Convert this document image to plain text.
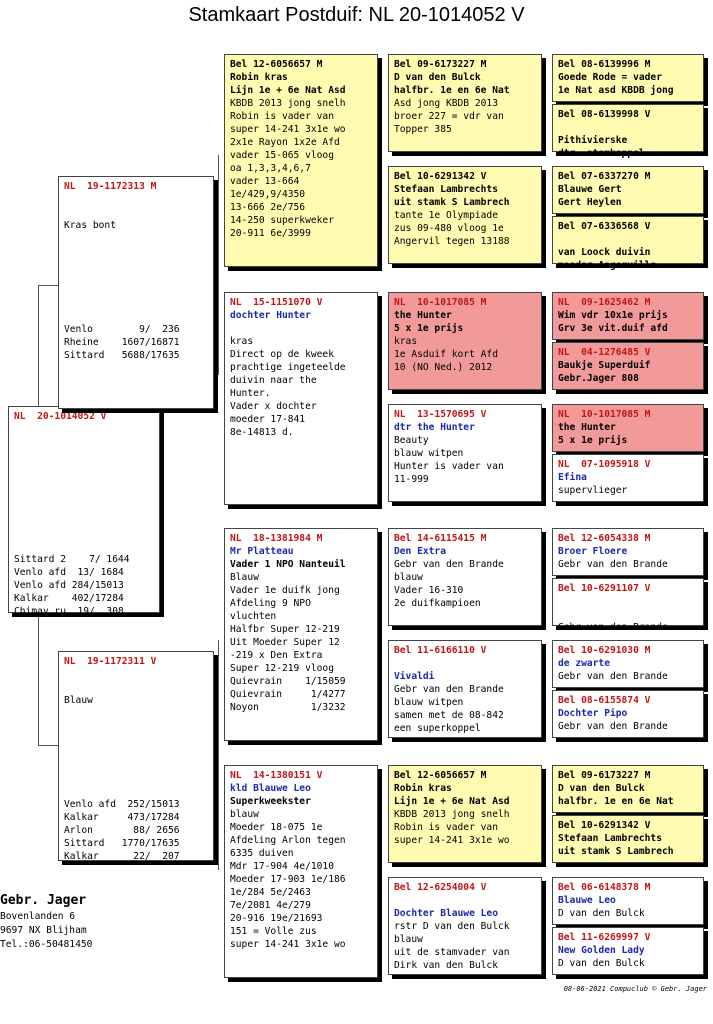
Stamkaart Postduif: NL 20-1014052 V
NL  20-1014052 V
Sittard 2    7/ 1644
Venlo afd  13/ 1684
Venlo afd 284/15013
Kalkar    402/17284
Chimay ru  19/  308
NL  19-1172313 M
Kras bont
Venlo        9/  236
Rheine    1607/16871
Sittard   5688/17635
NL  19-1172311 V
Blauw
Venlo afd  252/15013
Kalkar     473/17284
Arlon       88/ 2656
Sittard   1770/17635
Kalkar      22/  207
Bel 12-6056657 M
Robin kras
Lijn 1e + 6e Nat Asd
KBDB 2013 jong snelh
Robin is vader van
super 14-241 3x1e wo
2x1e Rayon 1x2e Afd
vader 15-065 vloog
oa 1,3,3,4,6,7
vader 13-664
1e/429,9/4350
13-666 2e/756
14-250 superkweker
20-911 6e/3999
NL  15-1151070 V
dochter Hunter
kras
Direct op de kweek
prachtige ingeteelde
duivin naar the
Hunter.
Vader x dochter
moeder 17-841
8e-14813 d.
NL  18-1381984 M
Mr Platteau
Vader 1 NPO Nanteuil
Blauw
Vader 1e duifk jong
Afdeling 9 NPO
vluchten
Halfbr Super 12-219
Uit Moeder Super 12
-219 x Den Extra
Super 12-219 vloog
Quievrain    1/15059
Quievrain     1/4277
Noyon         1/3232
NL  14-1380151 V
kld Blauwe Leo
Superkweekster
blauw
Moeder 18-075 1e
Afdeling Arlon tegen
6335 duiven
Mdr 17-904 4e/1010
Moeder 17-903 1e/186
1e/284 5e/2463
7e/2081 4e/279
20-916 19e/21693
151 = Volle zus
super 14-241 3x1e wo
Bel 09-6173227 M
D van den Bulck
halfbr. 1e en 6e Nat
Asd jong KBDB 2013
broer 227 = vdr van
Topper 385
Bel 10-6291342 V
Stefaan Lambrechts
uit stamk S Lambrech
tante 1e Olympiade
zus 09-480 vloog 1e
Angervil tegen 13188
NL  10-1017085 M
the Hunter
5 x 1e prijs
kras
1e Asduif kort Afd
10 (NO Ned.) 2012
NL  13-1570695 V
dtr the Hunter
Beauty
blauw witpen
Hunter is vader van
11-999
Bel 14-6115415 M
Den Extra
Gebr van den Brande
blauw
Vader 16-310
2e duifkampioen
Bel 11-6166110 V
Vivaldi
Gebr van den Brande
blauw witpen
samen met de 08-842
een superkoppel
Bel 12-6056657 M
Robin kras
Lijn 1e + 6e Nat Asd
KBDB 2013 jong snelh
Robin is vader van
super 14-241 3x1e wo
Bel 12-6254004 V
Dochter Blauwe Leo
rstr D van den Bulck
blauw
uit de stamvader van
Dirk van den Bulck
Bel 08-6139996 M
Goede Rode = vader
1e Nat asd KBDB jong
Bel 08-6139998 V
Pithivierske
dtr. stamkoppel
Bel 07-6337270 M
Blauwe Gert
Gert Heylen
Bel 07-6336568 V
van Loock duivin
moeder Angerville
NL  09-1625462 M
Wim vdr 10x1e prijs
Grv 3e vit.duif afd
NL  04-1276485 V
Baukje Superduif
Gebr.Jager 808
NL  10-1017085 M
the Hunter
5 x 1e prijs
NL  07-1095918 V
Efina
supervlieger
Bel 12-6054338 M
Broer Floere
Gebr van den Brande
Bel 10-6291107 V
Gebr van den Brande
Bel 10-6291030 M
de zwarte
Gebr van den Brande
Bel 08-6155874 V
Dochter Pipo
Gebr van den Brande
Bel 09-6173227 M
D van den Bulck
halfbr. 1e en 6e Nat
Bel 10-6291342 V
Stefaan Lambrechts
uit stamk S Lambrech
Bel 06-6148378 M
Blauwe Leo
D van den Bulck
Bel 11-6269997 V
New Golden Lady
D van den Bulck
Gebr. Jager
Bovenlanden 6
9697 NX Blijham
Tel.:06-50481450
08-06-2021 Compuclub © Gebr. Jager
